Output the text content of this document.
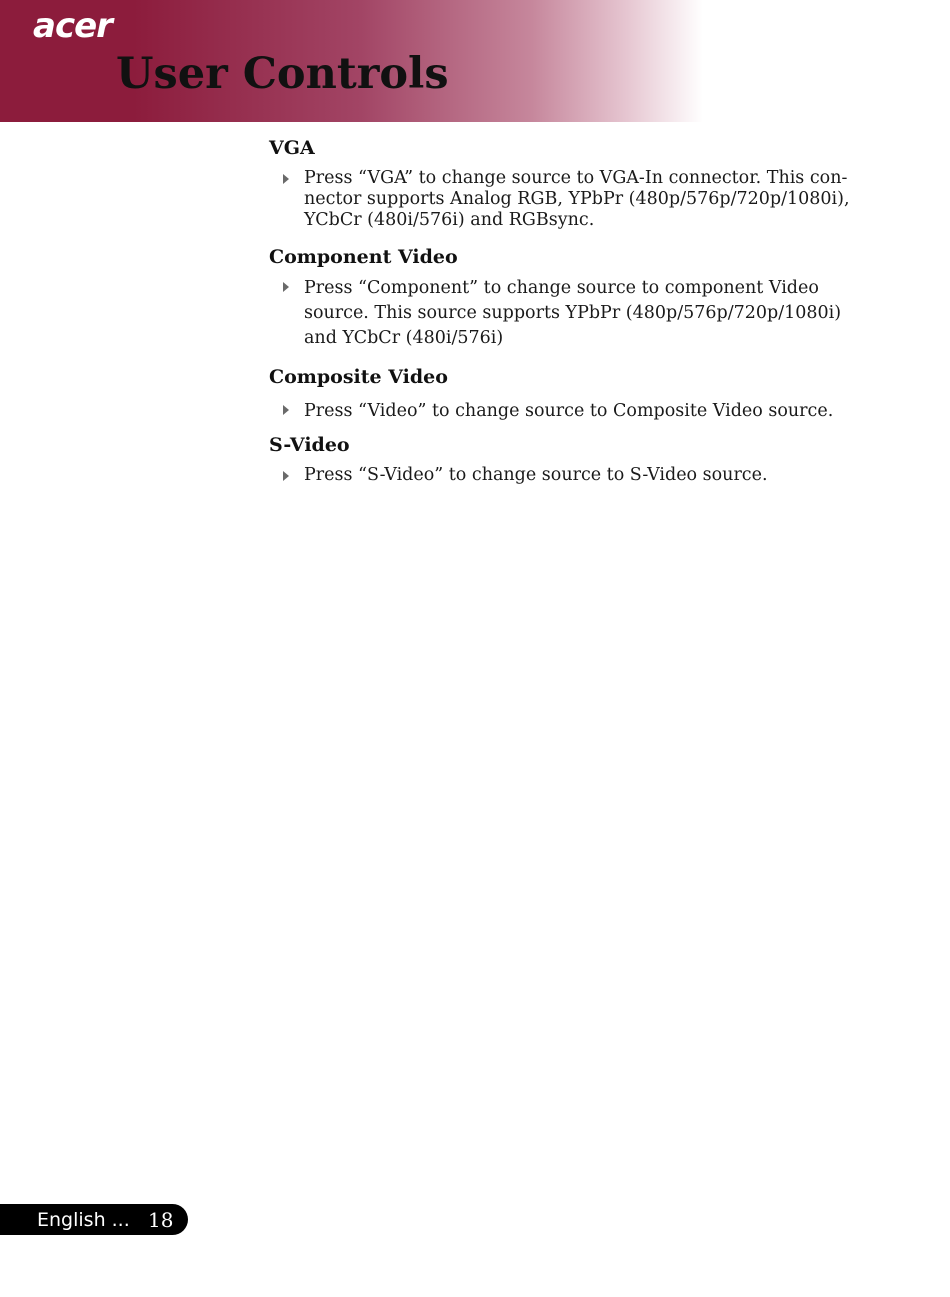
acer
User Controls
VGA
Press “VGA” to change source to VGA-In connector. This con-nector supports Analog RGB, YPbPr (480p/576p/720p/1080i), YCbCr (480i/576i) and RGBsync.
Component Video
Press “Component” to change source to component Video source. This source supports YPbPr (480p/576p/720p/1080i) and YCbCr (480i/576i)
Composite Video
Press “Video” to change source to Composite Video source.
S-Video
Press “S-Video” to change source to S-Video source.
English ... 18
